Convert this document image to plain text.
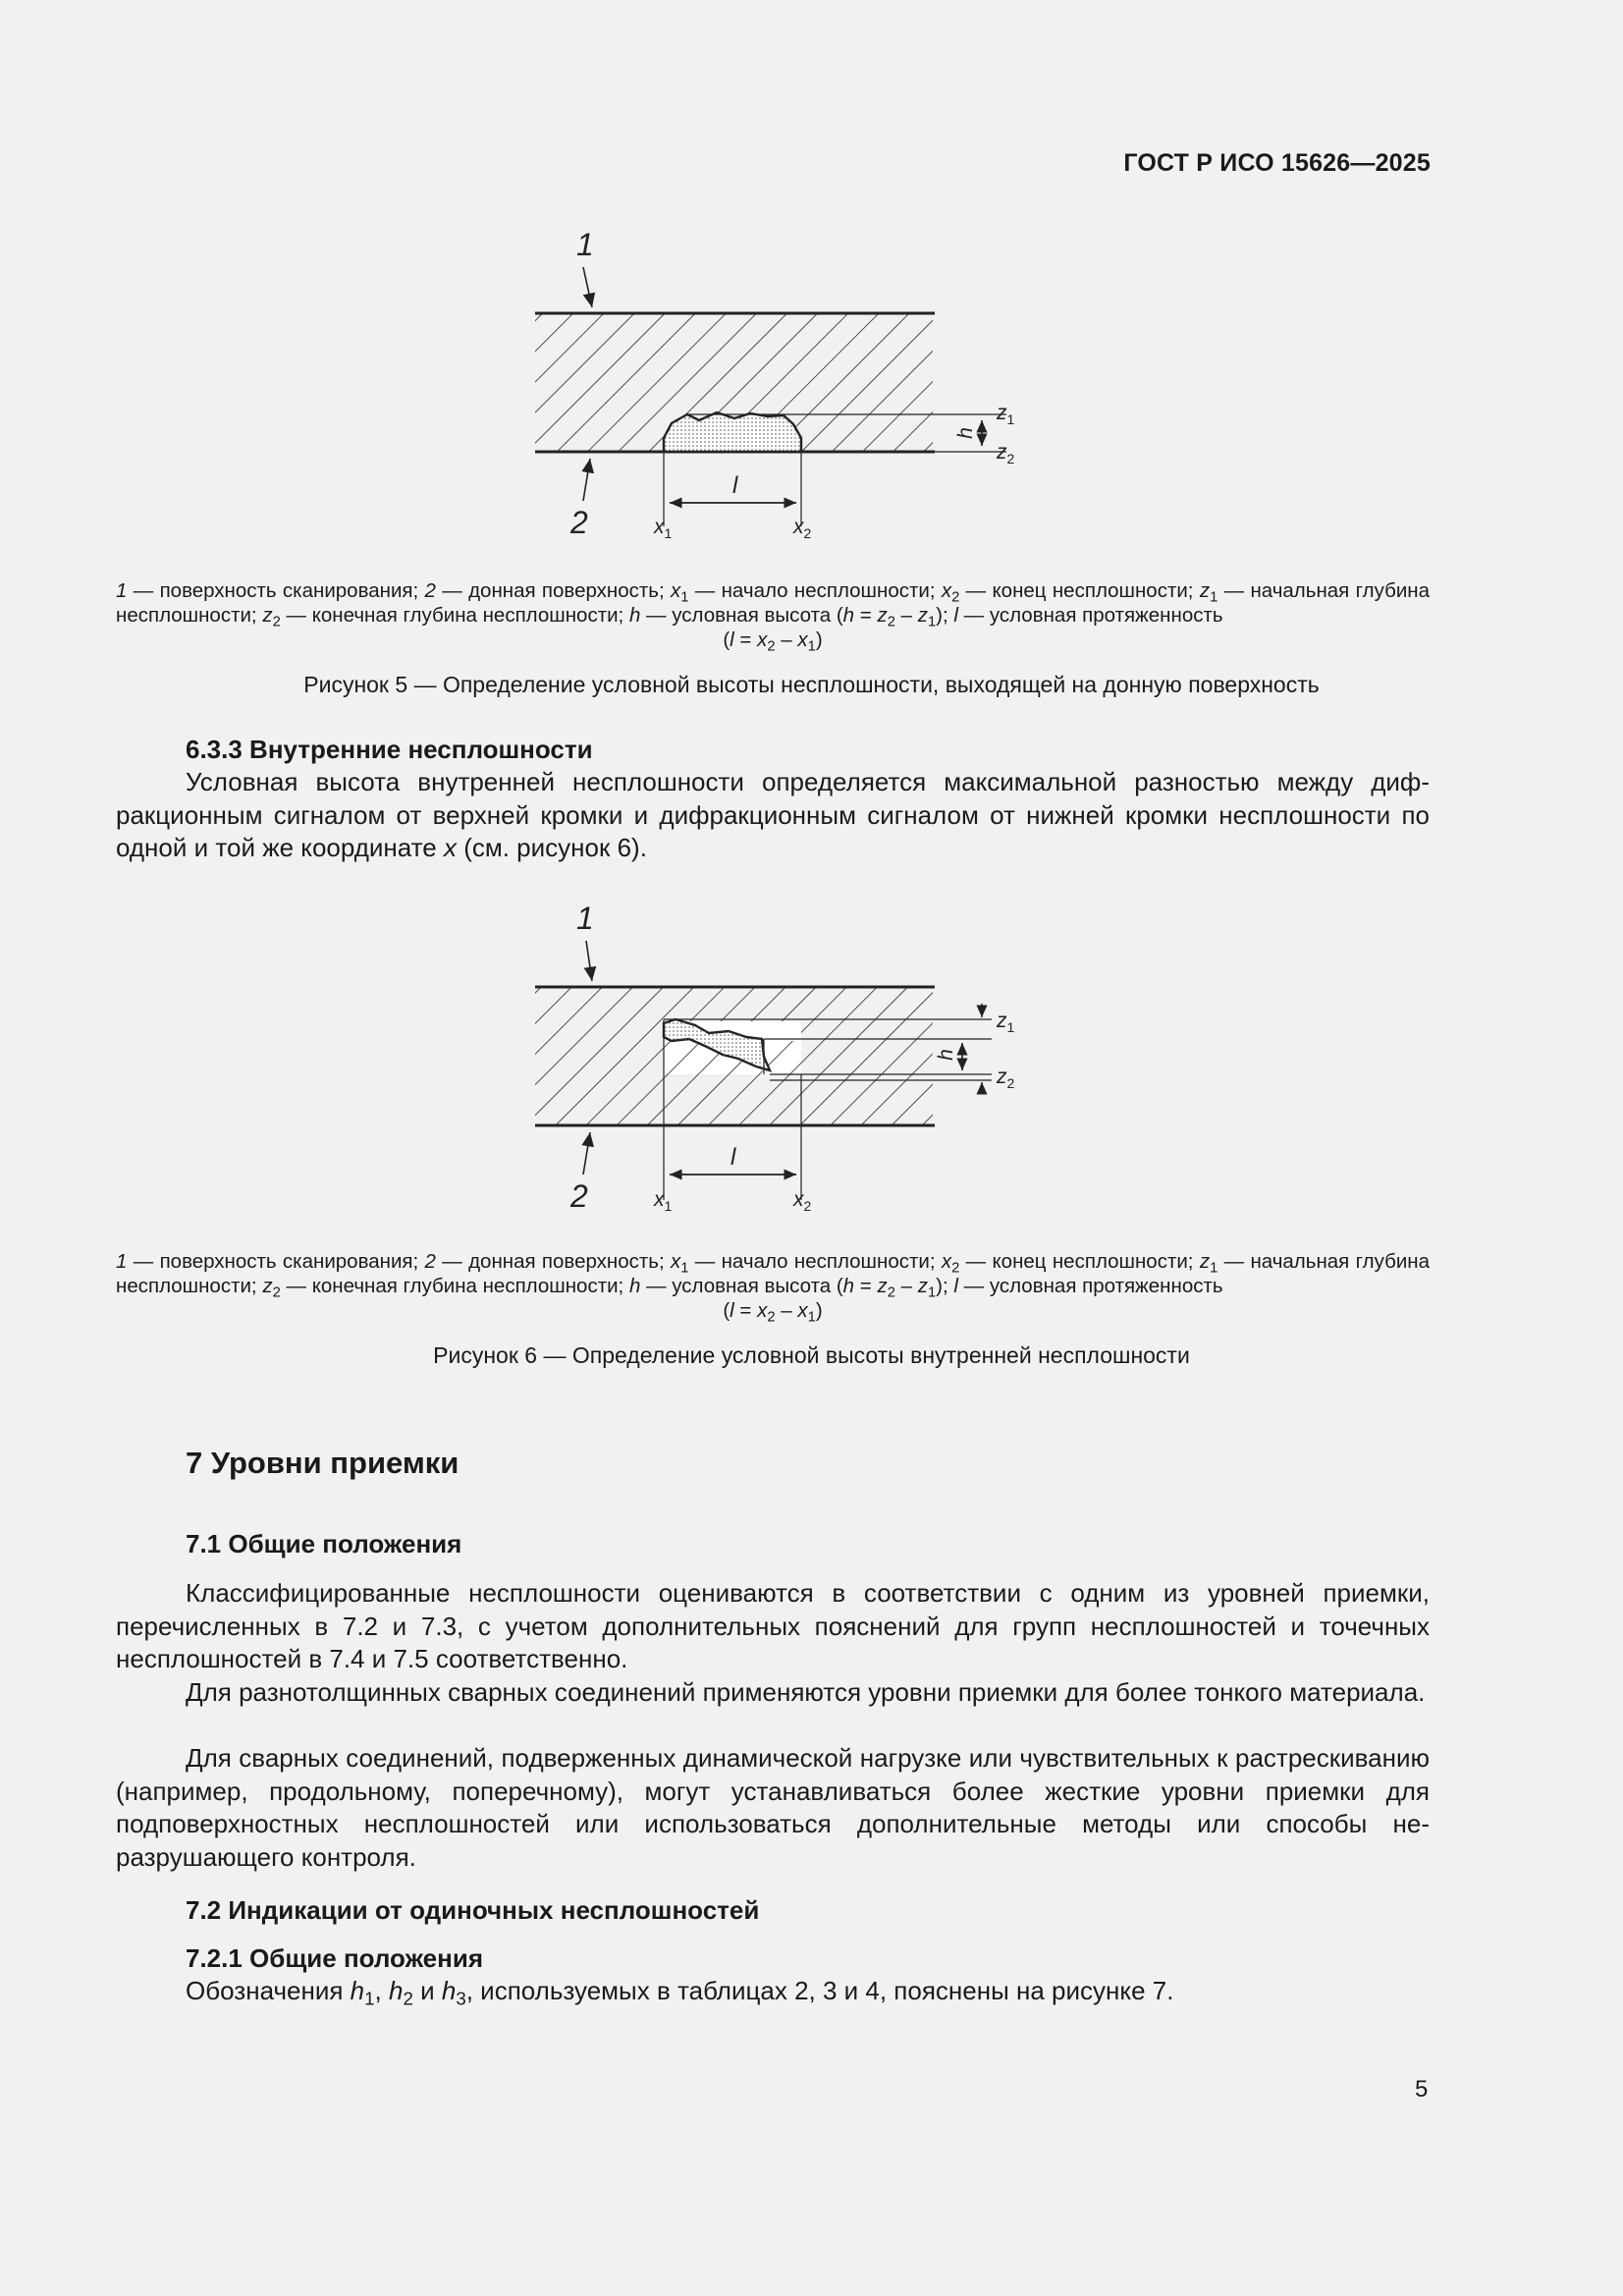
ГОСТ Р ИСО 15626—2025
1
2
$z_1$
$z_2$
h
l
$x_1$	$x_2$
1 — поверхность сканирования; 2 — донная поверхность; $x_1$ — начало несплошности; $x_2$ — конец несплошности; $z_1$ — начальная глубина несплошности; $z_2$ — конечная глубина несплошности; h — условная высота $(h = z_2 - z_1)$; l — условная протяженность
$(l = x_2 - x_1)$
Рисунок 5 — Определение условной высоты несплошности, выходящей на донную поверхность
6.3.3 Внутренние несплошности

Условная высота внутренней несплошности определяется максимальной разностью между дифракционным сигналом от верхней кромки и дифракционным сигналом от нижней кромки несплошности по одной и той же координате x (см. рисунок 6).

1
2
$z_1$
$z_2$
h
l
$x_1$	$x_2$
1 — поверхность сканирования; 2 — донная поверхность; $x_1$ — начало несплошности; $x_2$ — конец несплошности; $z_1$ — начальная глубина несплошности; $z_2$ — конечная глубина несплошности; h — условная высота $(h = z_2 - z_1)$; l — условная протяженность
$(l = x_2 - x_1)$
Рисунок 6 — Определение условной высоты внутренней несплошности
7 Уровни приемки
7.1 Общие положения

Классифицированные несплошности оцениваются в соответствии с одним из уровней приемки, перечисленных в 7.2 и 7.3, с учетом дополнительных пояснений для групп несплошностей и точечных несплошностей в 7.4 и 7.5 соответственно.

Для разнотолщинных сварных соединений применяются уровни приемки для более тонкого материала.

Для сварных соединений, подверженных динамической нагрузке или чувствительных к растрескиванию (например, продольному, поперечному), могут устанавливаться более жесткие уровни приемки для подповерхностных несплошностей или использоваться дополнительные методы или способы неразрушающего контроля.

7.2 Индикации от одиночных несплошностей
7.2.1 Общие положения

Обозначения $h_1$, $h_2$ и $h_3$, используемых в таблицах 2, 3 и 4, пояснены на рисунке 7.

5
